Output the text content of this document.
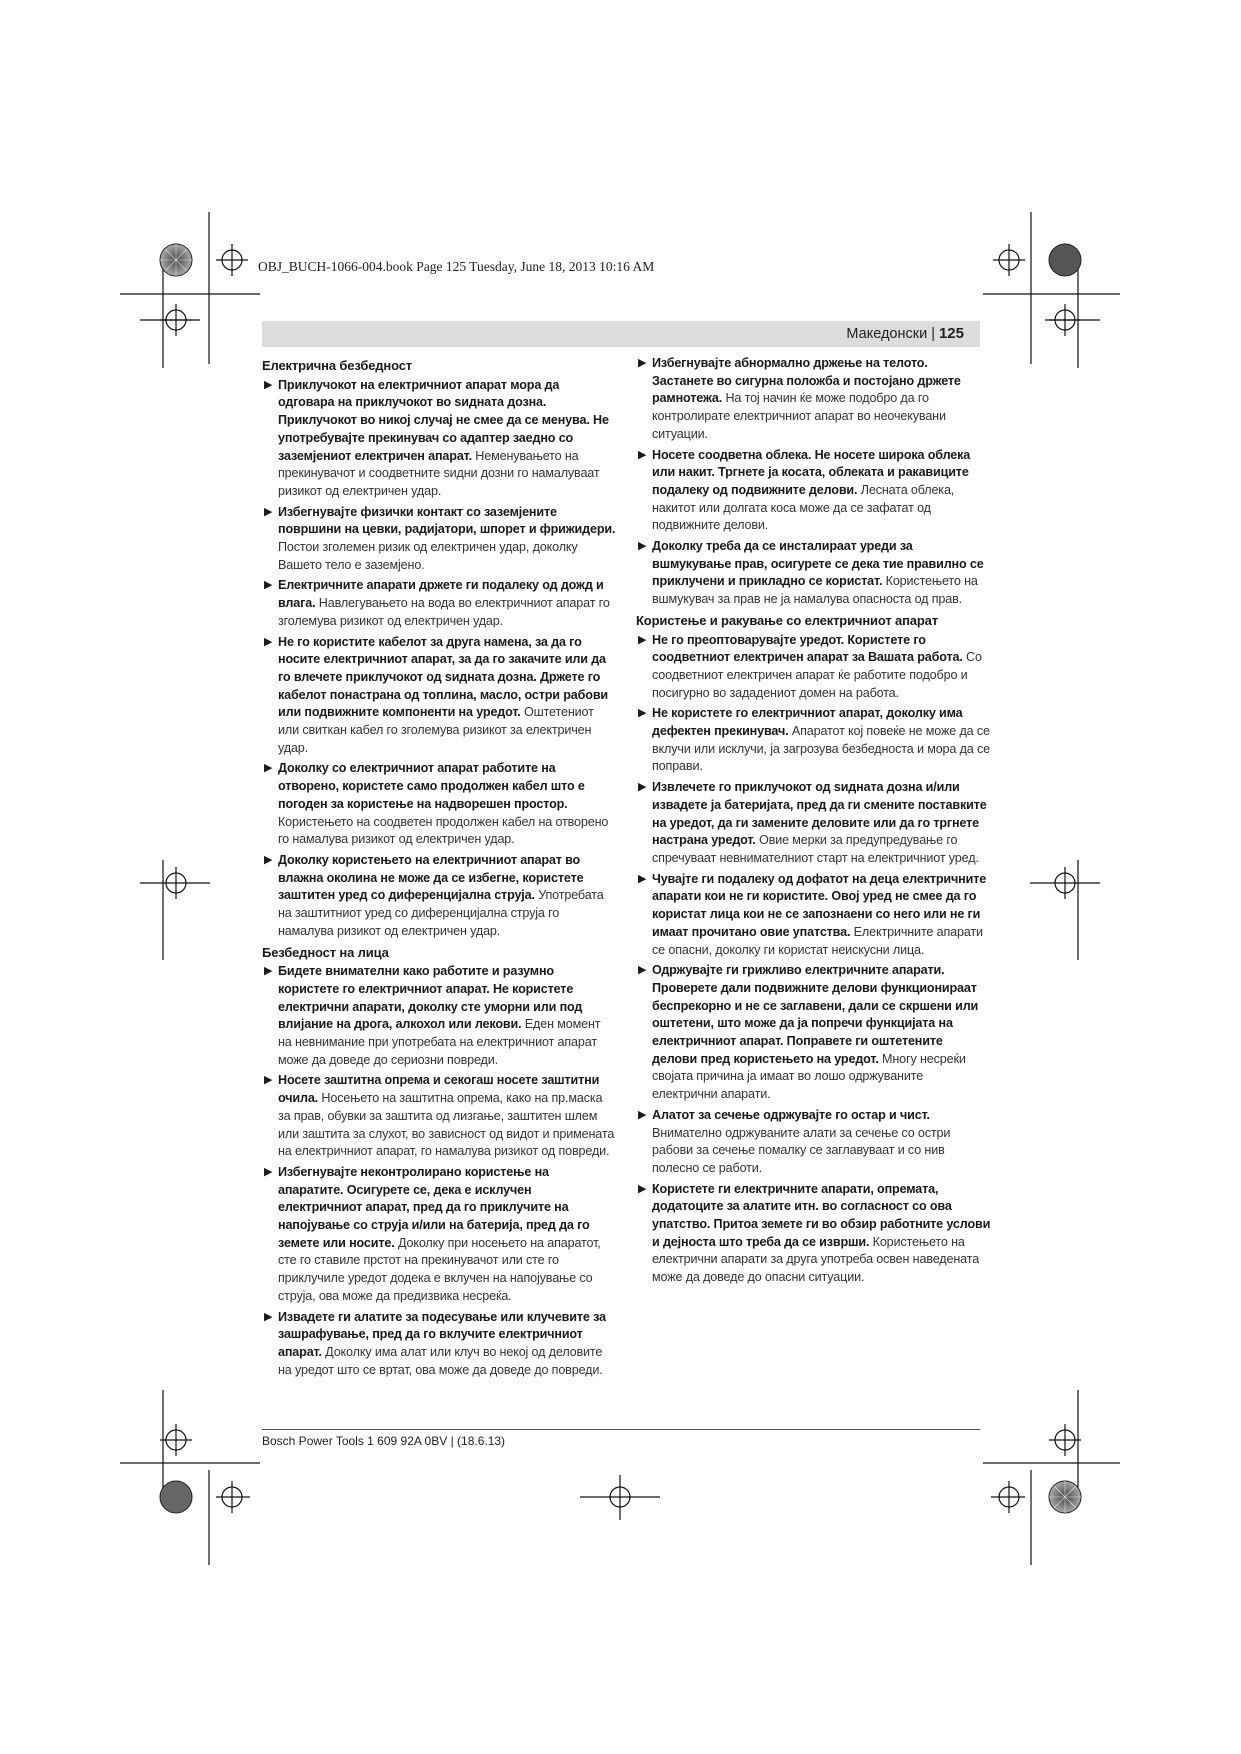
OBJ_BUCH-1066-004.book Page 125 Tuesday, June 18, 2013 10:16 AM
Македонски | 125
Електрична безбедност
▶ Приклучокот на електричниот апарат мора да одговара на приклучокот во ѕидната дозна. Приклучокот во никој случај не смее да се менува. Не употребувајте прекинувач со адаптер заедно со заземјениот електричен апарат. Неменувањето на прекинувачот и соодветните ѕидни дозни го намалуваат ризикот од електричен удар.
▶ Избегнувајте физички контакт со заземјените површини на цевки, радијатори, шпорет и фрижидери. Постои зголемен ризик од електричен удар, доколку Вашето тело е заземјено.
▶ Електричните апарати држете ги подалеку од дожд и влага. Навлегувањето на вода во електричниот апарат го зголемува ризикот од електричен удар.
▶ Не го користите кабелот за друга намена, за да го носите електричниот апарат, за да го закачите или да го влечете приклучокот од ѕидната дозна. Држете го кабелот понастрана од топлина, масло, остри рабови или подвижните компоненти на уредот. Оштетениот или свиткан кабел го зголемува ризикот за електричен удар.
▶ Доколку со електричниот апарат работите на отворено, користете само продолжен кабел што е погоден за користење на надворешен простор. Користењето на соодветен продолжен кабел на отворено го намалува ризикот од електричен удар.
▶ Доколку користењето на електричниот апарат во влажна околина не може да се избегне, користете заштитен уред со диференцијална струја. Употребата на заштитниот уред со диференцијална струја го намалува ризикот од електричен удар.
Безбедност на лица
▶ Бидете внимателни како работите и разумно користете го електричниот апарат. Не користете електрични апарати, доколку сте уморни или под влијание на дрога, алкохол или лекови. Еден момент на невнимание при употребата на електричниот апарат може да доведе до сериозни повреди.
▶ Носете заштитна опрема и секогаш носете заштитни очила. Носењето на заштитна опрема, како на пр.маска за прав, обувки за заштита од лизгање, заштитен шлем или заштита за слухот, во зависност од видот и примената на електричниот апарат, го намалува ризикот од повреди.
▶ Избегнувајте неконтролирано користење на апаратите. Осигурете се, дека е исклучен електричниот апарат, пред да го приклучите на напојување со струја и/или на батерија, пред да го земете или носите. Доколку при носењето на апаратот, сте го ставиле прстот на прекинувачот или сте го приклучиле уредот додека е вклучен на напојување со струја, ова може да предизвика несреќа.
▶ Извадете ги алатите за подесување или клучевите за зашрафување, пред да го вклучите електричниот апарат. Доколку има алат или клуч во некој од деловите на уредот што се вртат, ова може да доведе до повреди.
▶ Избегнувајте абнормално држење на телото. Застанете во сигурна положба и постојано држете рамнотежа. На тој начин ќе може подобро да го контролирате електричниот апарат во неочекувани ситуации.
▶ Носете соодветна облека. Не носете широка облека или накит. Тргнете ја косата, облеката и ракавиците подалеку од подвижните делови. Лесната облека, накитот или долгата коса може да се зафатат од подвижните делови.
▶ Доколку треба да се инсталираат уреди за вшмукување прав, осигурете се дека тие правилно се приклучени и прикладно се користат. Користењето на вшмукувач за прав не ја намалува опасноста од прав.
Користење и ракување со електричниот апарат
▶ Не го преоптоварувајте уредот. Користете го соодветниот електричен апарат за Вашата работа. Со соодветниот електричен апарат ќе работите подобро и посигурно во зададениот домен на работа.
▶ Не користете го електричниот апарат, доколку има дефектен прекинувач. Апаратот кој повеќе не може да се вклучи или исклучи, ја загрозува безбедноста и мора да се поправи.
▶ Извлечете го приклучокот од ѕидната дозна и/или извадете ја батеријата, пред да ги смените поставките на уредот, да ги замените деловите или да го тргнете настрана уредот. Овие мерки за предупредување го спречуваат невнимателниот старт на електричниот уред.
▶ Чувајте ги подалеку од дофатот на деца електричните апарати кои не ги користите. Овој уред не смее да го користат лица кои не се запознаени со него или не ги имаат прочитано овие упатства. Електричните апарати се опасни, доколку ги користат неискусни лица.
▶ Одржувајте ги грижливо електричните апарати. Проверете дали подвижните делови функционираат беспрекорно и не се заглавени, дали се скршени или оштетени, што може да ја попречи функцијата на електричниот апарат. Поправете ги оштетените делови пред користењето на уредот. Многу несреќи својата причина ја имаат во лошо одржуваните електрични апарати.
▶ Алатот за сечење одржувајте го остар и чист. Внимателно одржуваните алати за сечење со остри рабови за сечење помалку се заглавуваат и со нив полесно се работи.
▶ Користете ги електричните апарати, опремата, додатоците за алатите итн. во согласност со ова упатство. Притоа земете ги во обзир работните услови и дејноста што треба да се изврши. Користењето на електрични апарати за друга употреба освен наведената може да доведе до опасни ситуации.
Bosch Power Tools 1 609 92A 0BV | (18.6.13)
